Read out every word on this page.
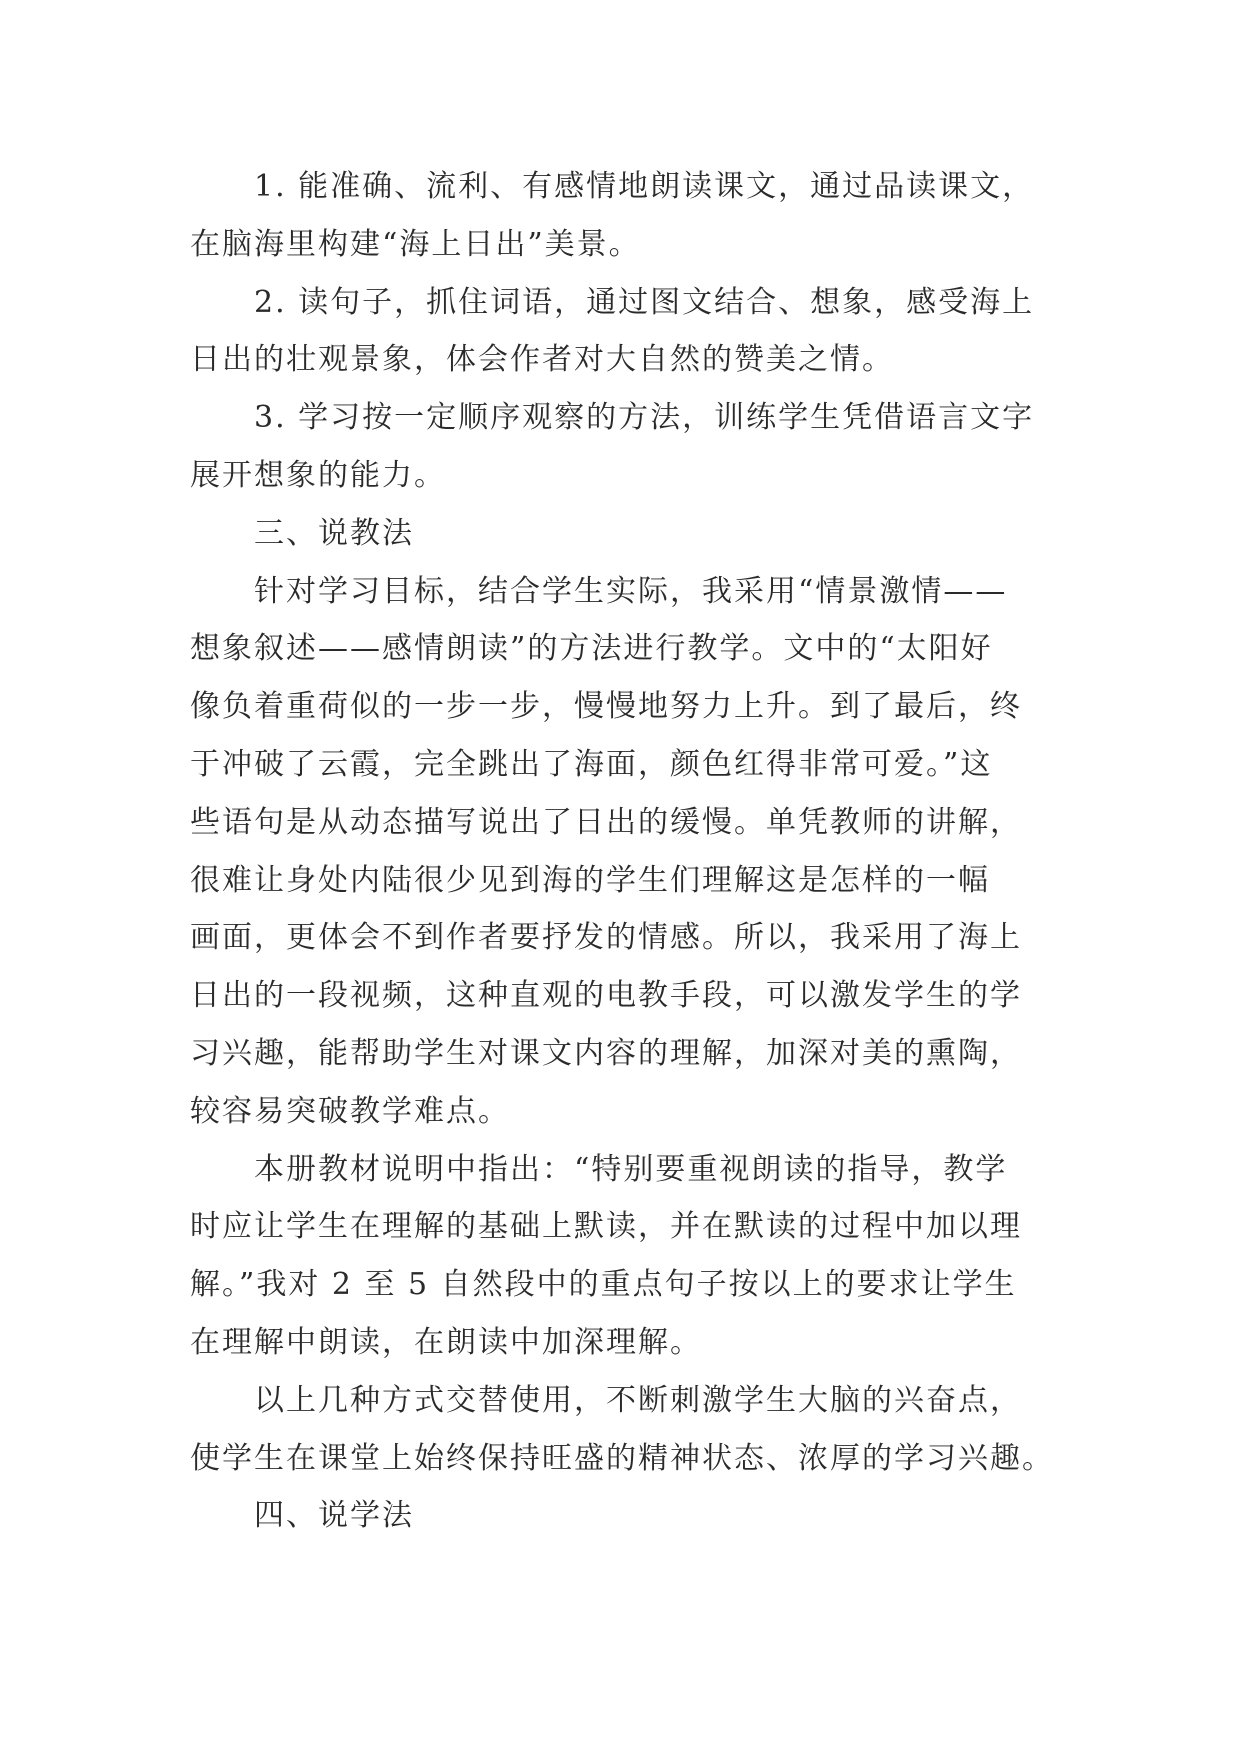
1. 能准确、流利、有感情地朗读课文，通过品读课文，
在脑海里构建“海上日出”美景。

2. 读句子，抓住词语，通过图文结合、想象，感受海上
日出的壮观景象，体会作者对大自然的赞美之情。

3. 学习按一定顺序观察的方法，训练学生凭借语言文字
展开想象的能力。

三、说教法

针对学习目标，结合学生实际，我采用“情景激情——
想象叙述——感情朗读”的方法进行教学。文中的“太阳好
像负着重荷似的一步一步，慢慢地努力上升。到了最后，终
于冲破了云霞，完全跳出了海面，颜色红得非常可爱。”这
些语句是从动态描写说出了日出的缓慢。单凭教师的讲解，
很难让身处内陆很少见到海的学生们理解这是怎样的一幅
画面，更体会不到作者要抒发的情感。所以，我采用了海上
日出的一段视频，这种直观的电教手段，可以激发学生的学
习兴趣，能帮助学生对课文内容的理解，加深对美的熏陶，
较容易突破教学难点。

本册教材说明中指出：“特别要重视朗读的指导，教学
时应让学生在理解的基础上默读，并在默读的过程中加以理
解。”我对 2 至 5 自然段中的重点句子按以上的要求让学生
在理解中朗读，在朗读中加深理解。

以上几种方式交替使用，不断刺激学生大脑的兴奋点，
使学生在课堂上始终保持旺盛的精神状态、浓厚的学习兴趣。

四、说学法
